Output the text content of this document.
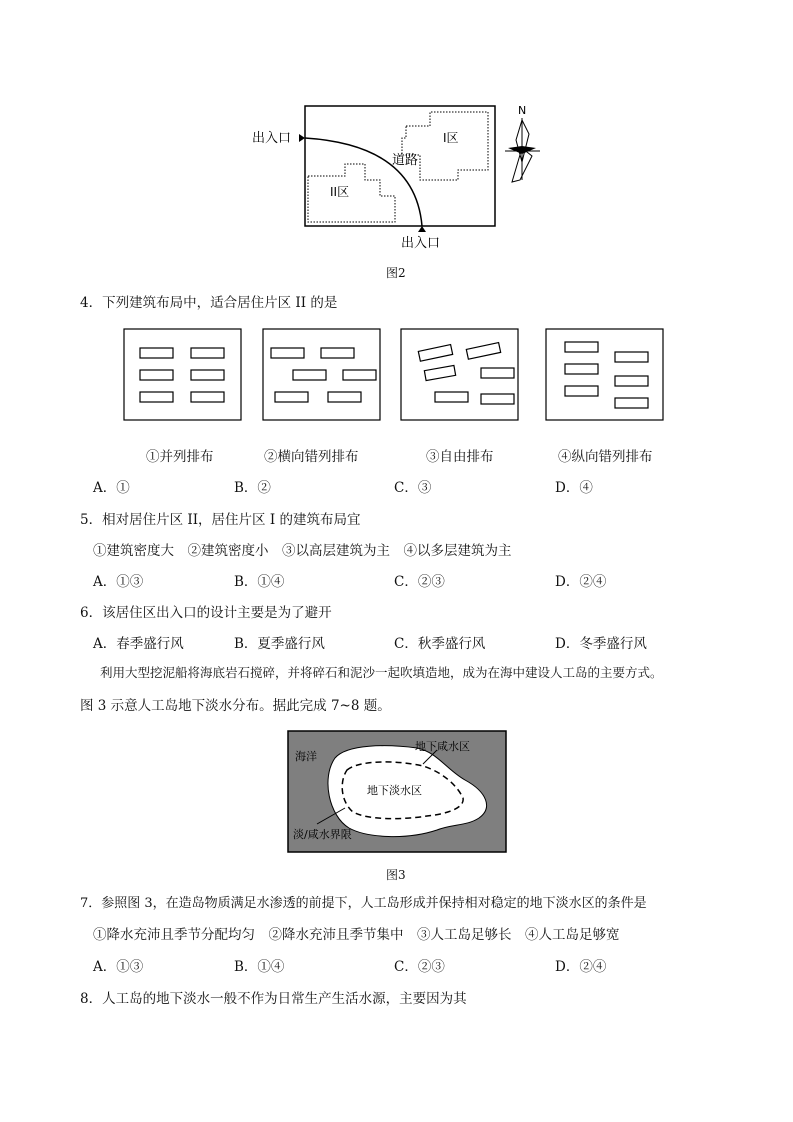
N
出入口
出入口
I区
II区
道路
图2
4．下列建筑布局中，适合居住片区 II 的是
①并列排布	②横向错列排布	③自由排布	④纵向错列排布
A．①	B．②	C．③	D．④
5．相对居住片区 II，居住片区 I 的建筑布局宜
①建筑密度大　②建筑密度小　③以高层建筑为主　④以多层建筑为主
A．①③	B．①④	C．②③	D．②④
6．该居住区出入口的设计主要是为了避开
A．春季盛行风	B．夏季盛行风	C．秋季盛行风	D．冬季盛行风
利用大型挖泥船将海底岩石搅碎，并将碎石和泥沙一起吹填造地，成为在海中建设人工岛的主要方式。
图 3 示意人工岛地下淡水分布。据此完成 7~8 题。
海洋
地下咸水区
地下淡水区
淡/咸水界限
图3
7．参照图 3，在造岛物质满足水渗透的前提下，人工岛形成并保持相对稳定的地下淡水区的条件是
①降水充沛且季节分配均匀　②降水充沛且季节集中　③人工岛足够长　④人工岛足够宽
A．①③	B．①④	C．②③	D．②④
8．人工岛的地下淡水一般不作为日常生产生活水源，主要因为其
